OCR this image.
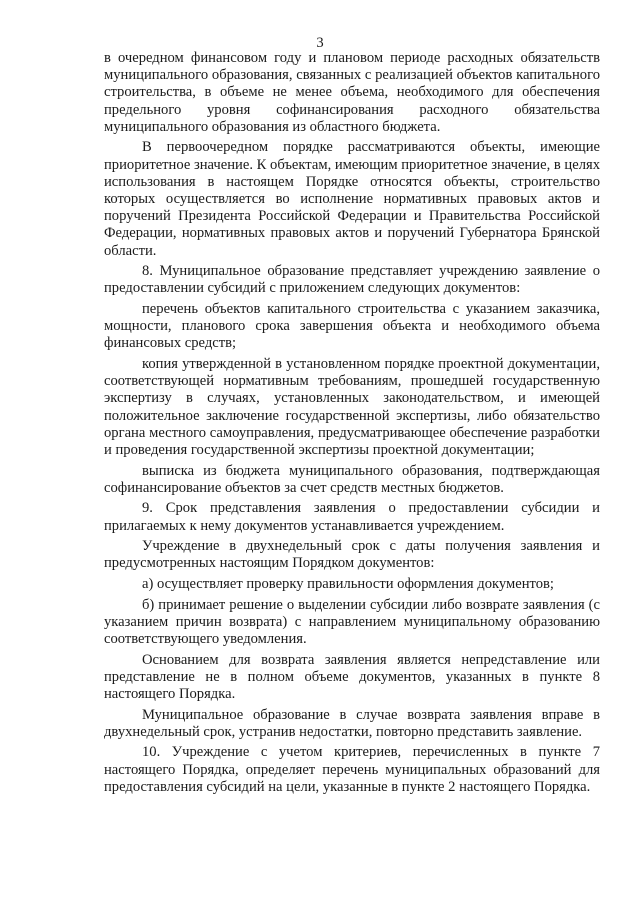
3

в очередном финансовом году и плановом периоде расходных обязательств муниципального образования, связанных с реализацией объектов капитального строительства, в объеме не менее объема, необходимого для обеспечения предельного уровня софинансирования расходного обязательства муниципального образования из областного бюджета.

В первоочередном порядке рассматриваются объекты, имеющие приоритетное значение. К объектам, имеющим приоритетное значение, в целях использования в настоящем Порядке относятся объекты, строительство которых осуществляется во исполнение нормативных правовых актов и поручений Президента Российской Федерации и Правительства Российской Федерации, нормативных правовых актов и поручений Губернатора Брянской области.

8. Муниципальное образование представляет учреждению заявление о предоставлении субсидий с приложением следующих документов:

перечень объектов капитального строительства с указанием заказчика, мощности, планового срока завершения объекта и необходимого объема финансовых средств;

копия утвержденной в установленном порядке проектной документации, соответствующей нормативным требованиям, прошедшей государственную экспертизу в случаях, установленных законодательством, и имеющей положительное заключение государственной экспертизы, либо обязательство органа местного самоуправления, предусматривающее обеспечение разработки и проведения государственной экспертизы проектной документации;

выписка из бюджета муниципального образования, подтверждающая софинансирование объектов за счет средств местных бюджетов.

9. Срок представления заявления о предоставлении субсидии и прилагаемых к нему документов устанавливается учреждением.

Учреждение в двухнедельный срок с даты получения заявления и предусмотренных настоящим Порядком документов:

а) осуществляет проверку правильности оформления документов;

б) принимает решение о выделении субсидии либо возврате заявления (с указанием причин возврата) с направлением муниципальному образованию соответствующего уведомления.

Основанием для возврата заявления является непредставление или представление не в полном объеме документов, указанных в пункте 8 настоящего Порядка.

Муниципальное образование в случае возврата заявления вправе в двухнедельный срок, устранив недостатки, повторно представить заявление.

10. Учреждение с учетом критериев, перечисленных в пункте 7 настоящего Порядка, определяет перечень муниципальных образований для предоставления субсидий на цели, указанные в пункте 2 настоящего Порядка.
